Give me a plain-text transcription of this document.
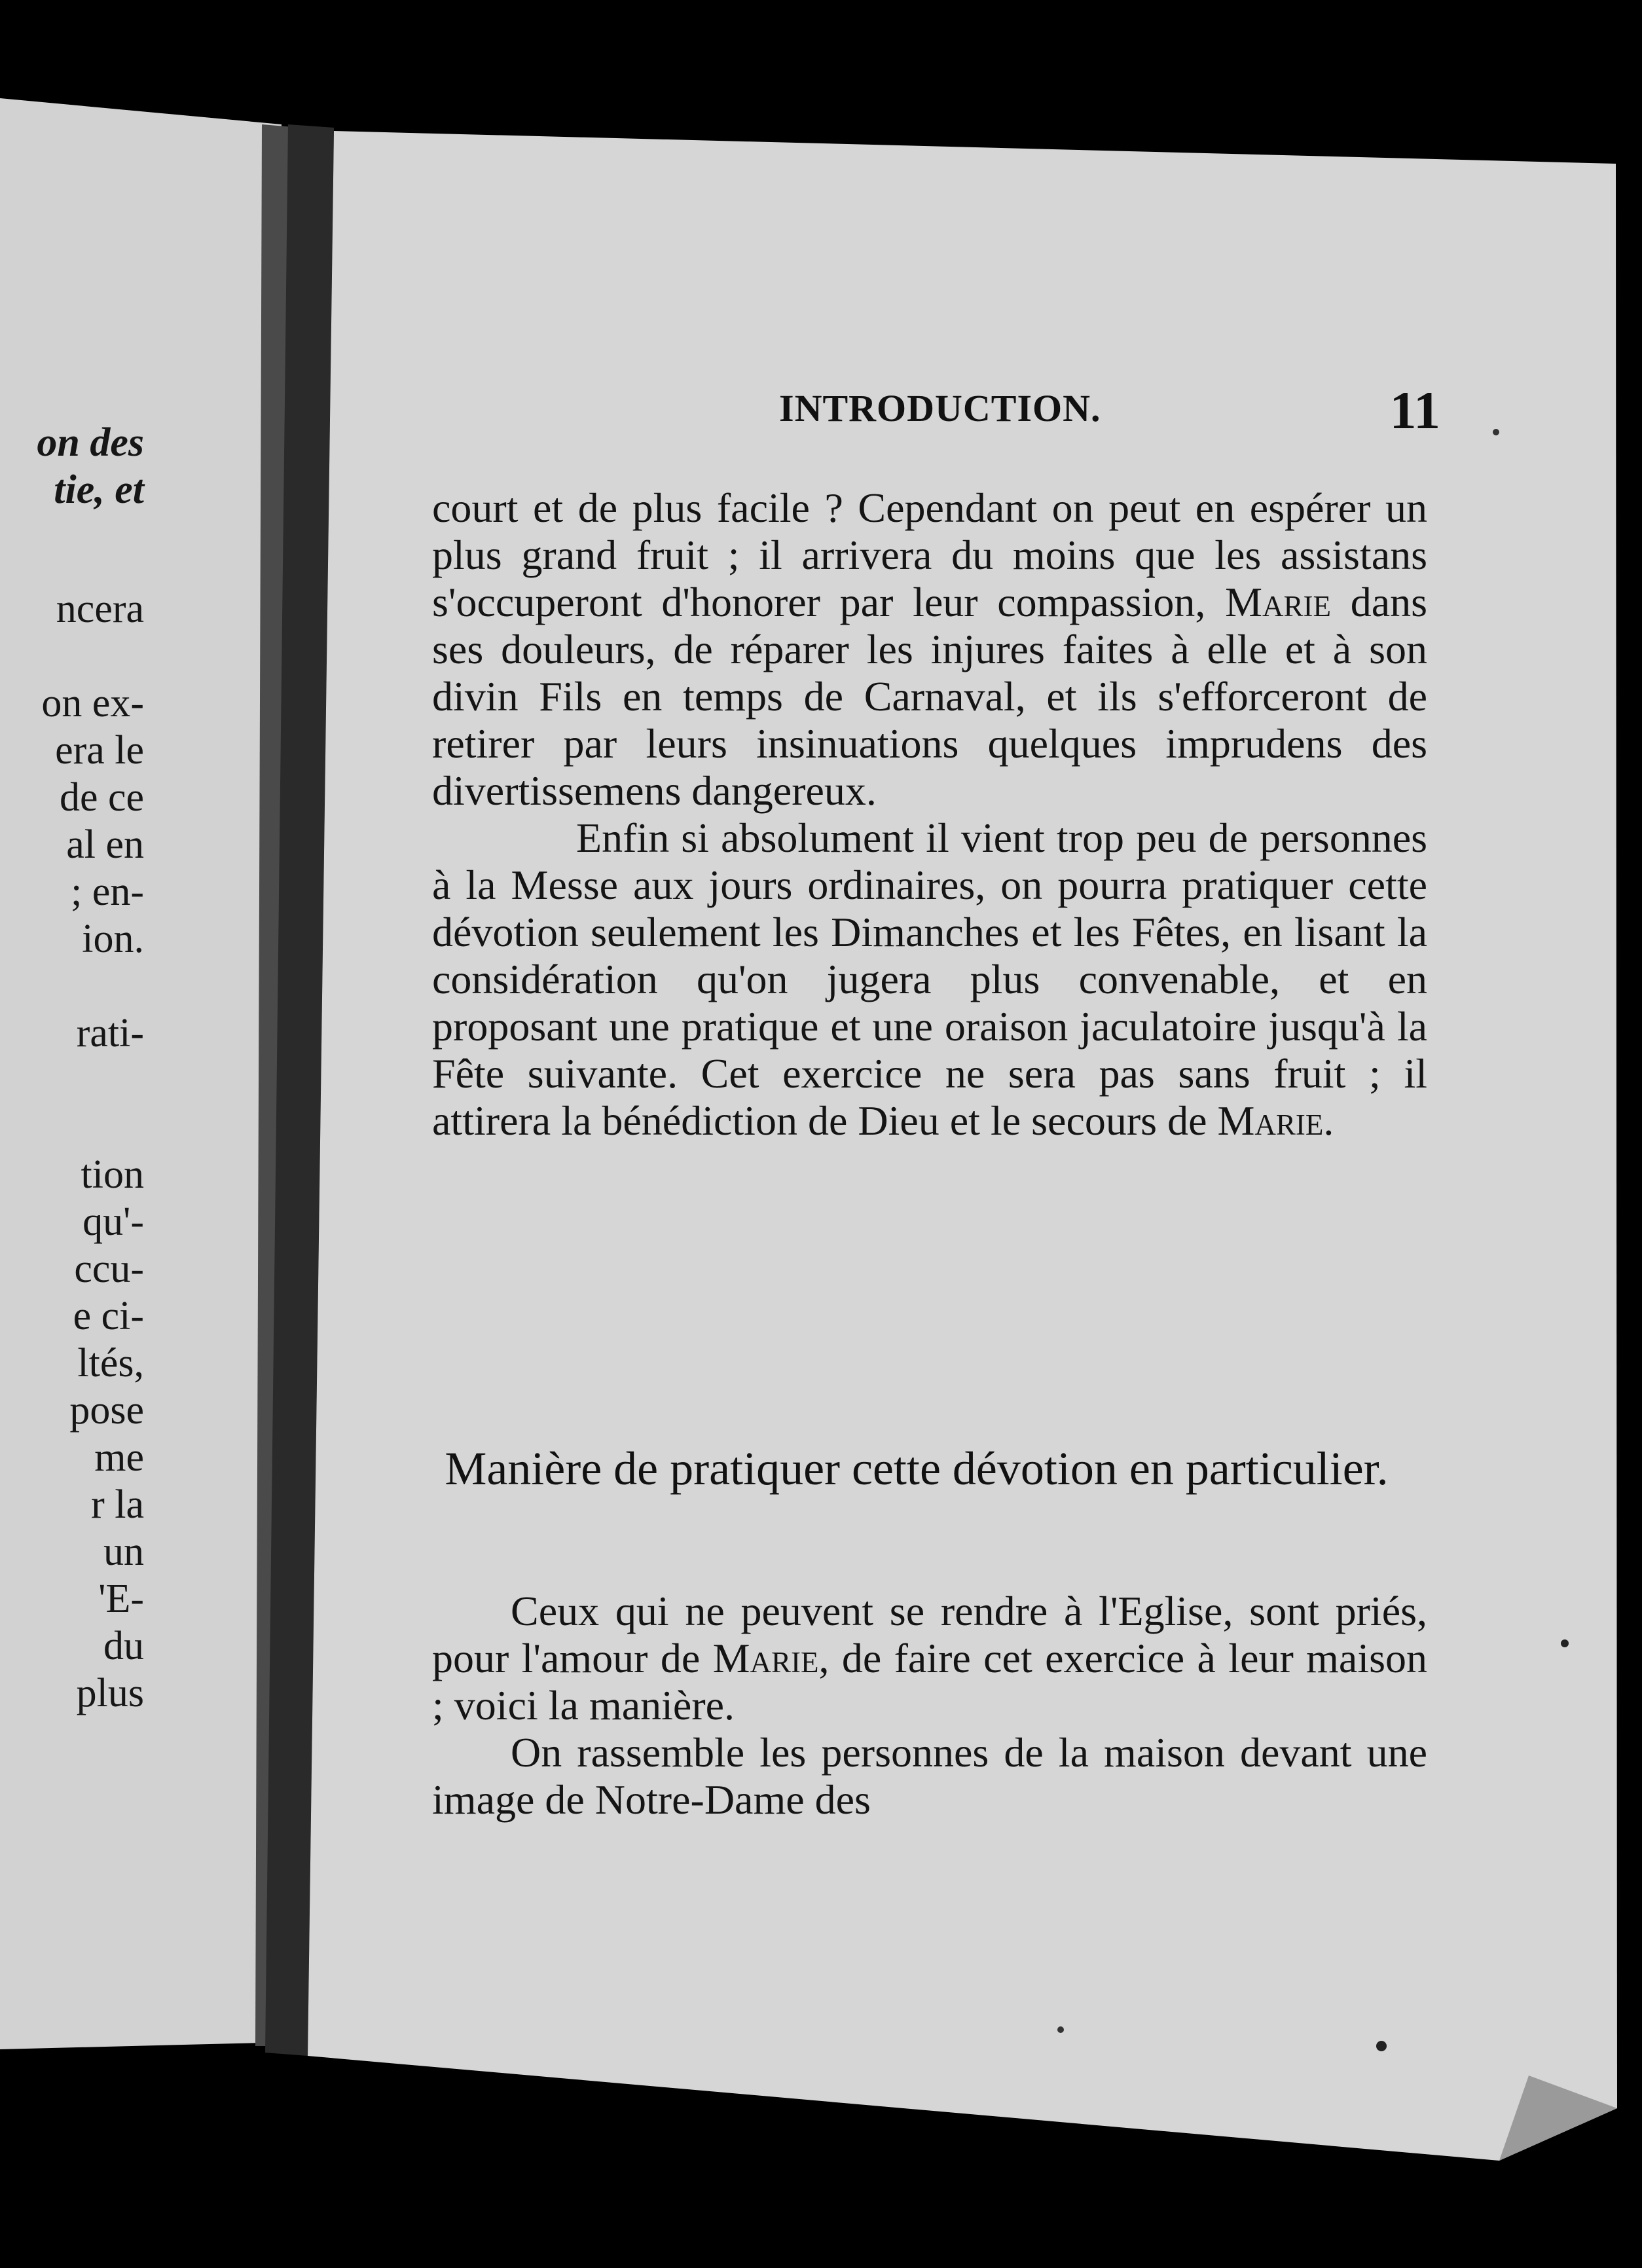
on des
tie, et
ncera
on ex-
era le
de ce
al en
; en-
ion.
rati-
tion
qu'-
ccu-
e ci-
ltés,
pose
me
r la
un
'E-
du
plus
INTRODUCTION.	11

court et de plus facile ? Cependant on peut en espérer un plus grand fruit ; il arrivera du moins que les assistans s'occuperont d'honorer par leur compassion, Marie dans ses douleurs, de réparer les injures faites à elle et à son divin Fils en temps de Carnaval, et ils s'efforceront de retirer par leurs insinuations quelques imprudens des divertissemens dangereux.

Enfin si absolument il vient trop peu de personnes à la Messe aux jours ordinaires, on pourra pratiquer cette dévotion seulement les Dimanches et les Fêtes, en lisant la considération qu'on jugera plus convenable, et en proposant une pratique et une oraison jaculatoire jusqu'à la Fête suivante. Cet exercice ne sera pas sans fruit ; il attirera la bénédiction de Dieu et le secours de Marie.

Manière de pratiquer cette dévotion en particulier.

Ceux qui ne peuvent se rendre à l'Eglise, sont priés, pour l'amour de Marie, de faire cet exercice à leur maison ; voici la manière.

On rassemble les personnes de la maison devant une image de Notre-Dame des
